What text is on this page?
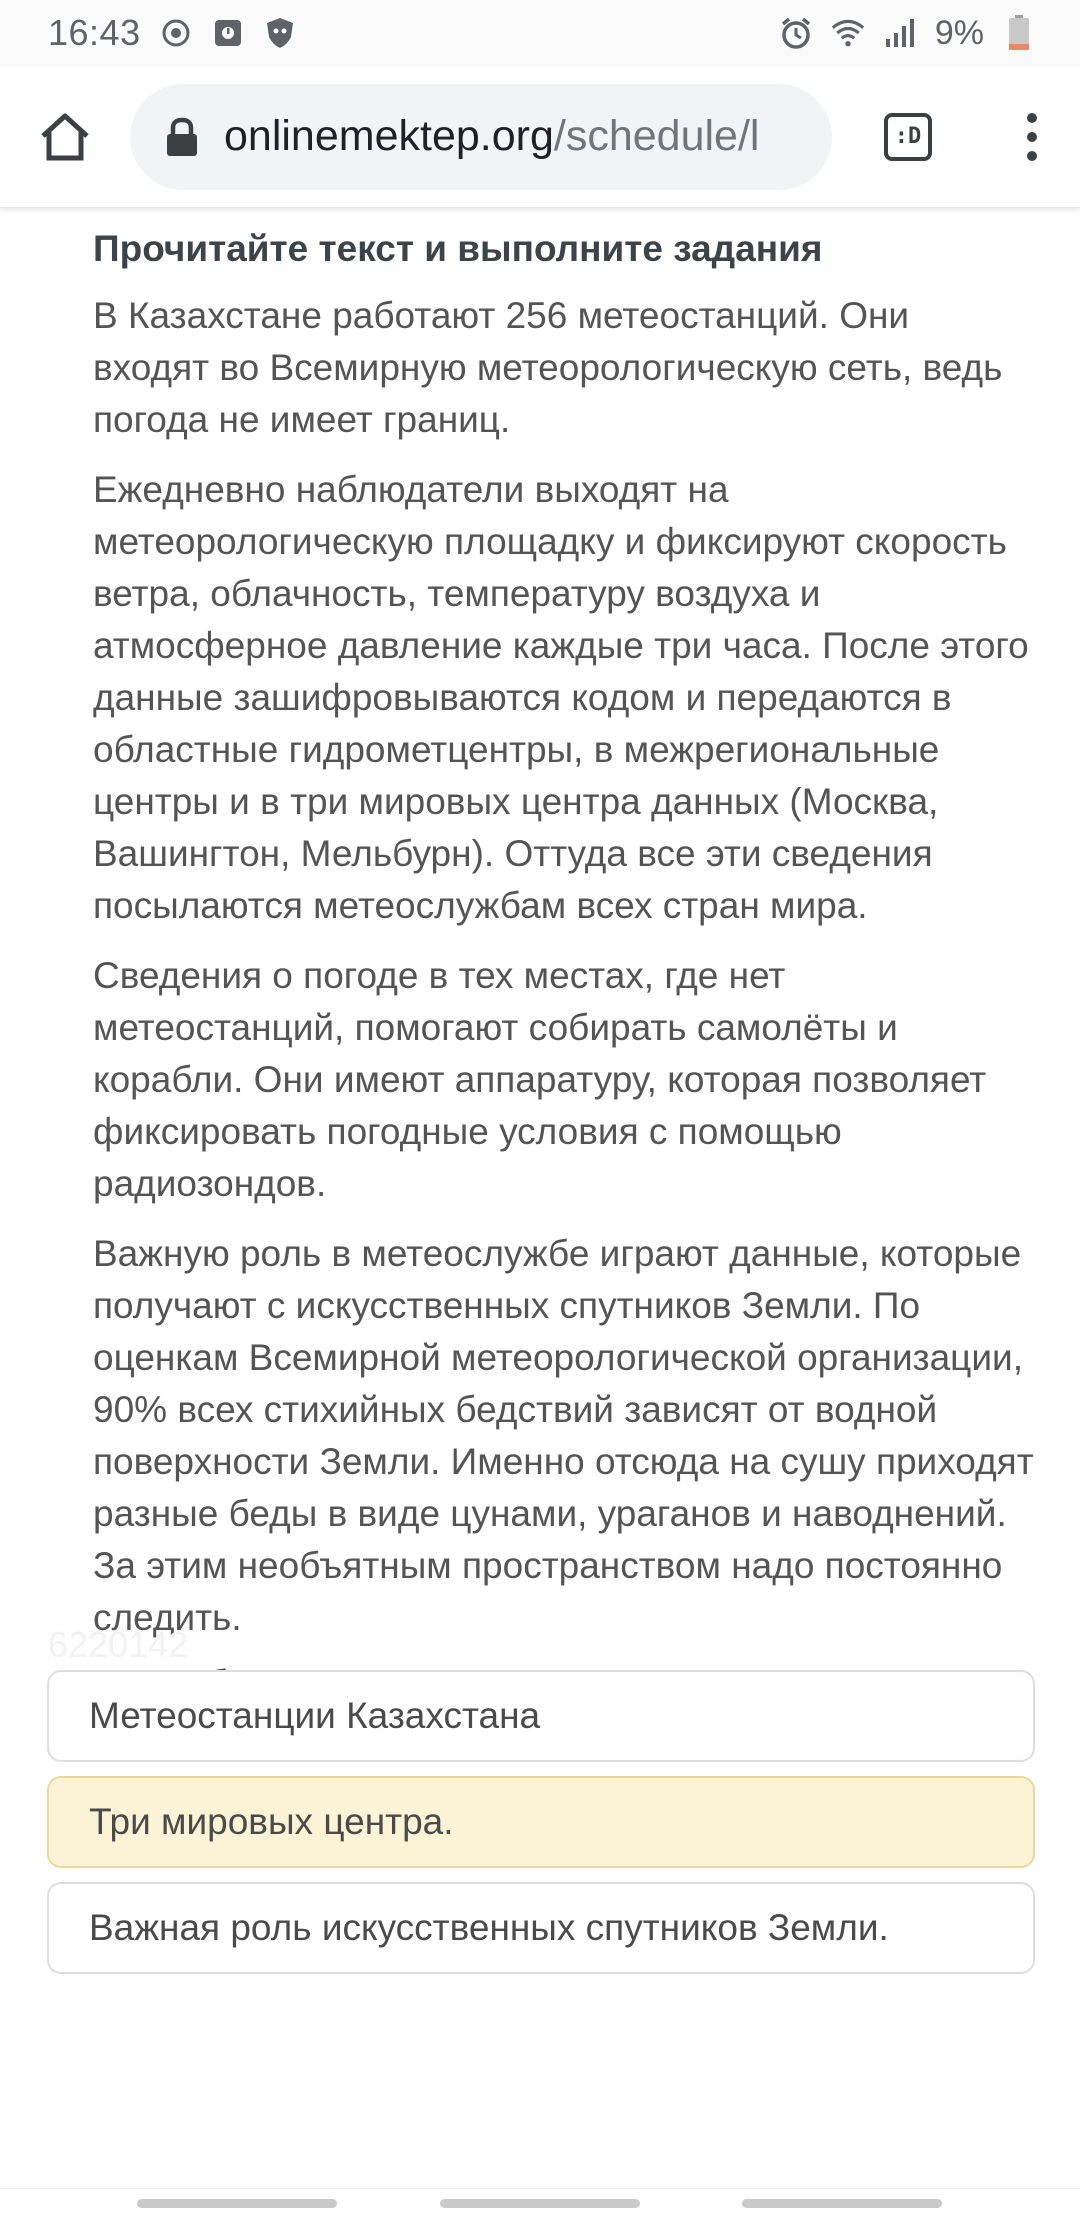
16:43	9%
onlinemektep.org/schedule/l	:D

Прочитайте текст и выполните задания

В Казахстане работают 256 метеостанций. Они входят во Всемирную метеорологическую сеть, ведь погода не имеет границ.

Ежедневно наблюдатели выходят на метеорологическую площадку и фиксируют скорость ветра, облачность, температуру воздуха и атмосферное давление каждые три часа. После этого данные зашифровываются кодом и передаются в областные гидрометцентры, в межрегиональные центры и в три мировых центра данных (Москва, Вашингтон, Мельбурн). Оттуда все эти сведения посылаются метеослужбам всех стран мира.

Сведения о погоде в тех местах, где нет метеостанций, помогают собирать самолёты и корабли. Они имеют аппаратуру, которая позволяет фиксировать погодные условия с помощью радиозондов.

Важную роль в метеослужбе играют данные, которые получают с искусственных спутников Земли. По оценкам Всемирной метеорологической организации, 90% всех стихийных бедствий зависят от водной поверхности Земли. Именно отсюда на сушу приходят разные беды в виде цунами, ураганов и наводнений. За этим необъятным пространством надо постоянно следить.

6220142
Метеостанции Казахстана
Три мировых центра.
Важная роль искусственных спутников Земли.
